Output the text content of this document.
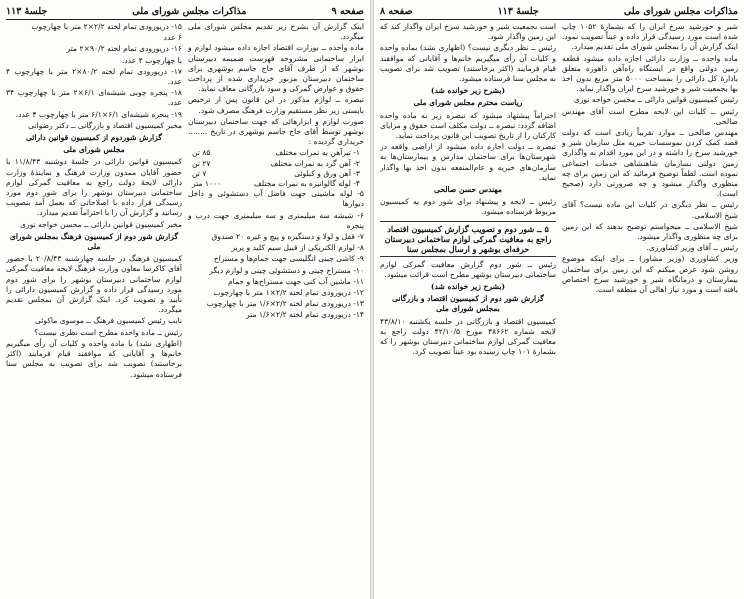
صفحه ۹
مذاکرات مجلس شورای ملی
جلسهٔ ۱۱۳

اینک گزارش آن بشرح زیر تقدیم مجلس شورای ملی میگردد.

ماده واحده ــ بوزارت اقتصاد اجازه داده میشود لوازم و ابزار ساختمانی مشروحه فهرست ضمیمه دبیرستان بوشهر که از طرف آقای حاج جاسم بوشهری برای ساختمان دبیرستان مزبور خریداری شده از پرداخت حقوق و عوارض گمرکی و سود بازرگانی معاف نماید.

تبصره ــ لوازم مذکور در این قانون پس از ترخیص بایستی زیر نظر مستقیم وزارت فرهنگ مصرف شود.

صورت لوازم و ابزارهائی که جهت ساختمان دبیرستان بوشهر توسط آقای حاج جاسم بوشهری در تاریخ ........ خریداری گردیده :

۱- تیرآهن به نمرات مختلف
۸۵ تن
۲- آهن گرد به نمرات مختلف
۲۷ تن
۳- آهن ورق و کبلوئی
۷ تن
۴- لوله گالوانیزه به نمرات مختلف
۱۰۰۰ متر

۵- لوله ماشینی جهت فاضل آب دستشوئی و داخل دیوارها

۶- شیشه سه میلیمتری و سه میلیمتری جهت درب و پنجره

۷- قفل و لولا و دستگیره و پیچ و غیره ۲۰ صندوق

۸- لوازم الکتریکی از قبیل سیم کلید و پریز

۹- کاشی چینی انگلیسی جهت حمام‌ها و مستراح

۱۰- مستراح چینی و دستشوئی چینی و لوازم دیگر

۱۱- ماشین آب کنی جهت مستراح‌ها و حمام

۱۲- دریورودی تمام لخته ۲/۲×۱ متر با چهارچوب

۱۳- دریورودی تمام لخته ۲/۲×۱/۶ متر با چهارچوب

۱۴- دریورودی تمام لخته ۲/۲×۱/۶ متر

۱۵- دریورودی تمام لخته ۲/۲×۲ متر با چهارچوب

۶ عدد

۱۶- دریورودی تمام لخته ۹۰/۲×۲ متر

با چهارچوب ۴ عدد.

۱۷- دریورودی تمام لخته ۸۰/۲×۲ متر با چهارچوب ۴ عدد.

۱۸- پنجره چوبی شیشه‌ای ۶/۱×۲ متر با چهارچوب ۳۴ عدد.

۱۹- پنجره شیشه‌ای ۶/۱×۶/۱ متر با چهارچوب ۴ عدد.

مخبر کمیسیون اقتصاد و بازرگانی ــ دکتر رضوانی

گزارش شوردوم از کمیسیون قوانین دارائی
مجلس شورای ملی

کمیسیون قوانین دارائی در جلسهٔ دوشنبه ۱۱/۸/۴۳ با حضور آقایان ممدون وزارت فرهنگ و نمایندهٔ وزارت دارائی لایحهٔ دولت راجع به معافیت گمرکی لوازم ساختمانی دبیرستان بوشهر را برای شور دوم مورد رسیدگی قرار داده با اصلاحاتی که بعمل آمد بتصویب رسانید و گزارش آن را با احتراماً تقدیم میدارد.

مخبر کمیسیون قوانین دارائی ــ محسن خواجه نوری

گزارش شور دوم از کمیسیون فرهنگ بمجلس شورای ملی

کمیسیون فرهنگ در جلسه چهارشنبه ۲۰/۸/۴۳ با حضور آقای کاکرسا معاون وزارت فرهنگ لایحه معافیت گمرکی لوازم ساختمانی دبیرستان بوشهر را برای شور دوم مورد رسیدگی قرار داده و گزارش کمیسیون دارائی را تأیید و تصویب کرد. اینک گزارش آن بمجلس تقدیم میگردد.

نایب رئیس کمیسیون فرهنگ ــ موسوی ماکوئی

رئیس ــ ماده واحده مطرح است نظری نیست؟

(اظهاری نشد) با ماده واحده و کلیات آن رأی میگیریم خانم‌ها و آقایانی که موافقند قیام فرمایند (اکثر برخاستند) تصویب شد برای تصویب به مجلس سنا فرستاده میشود.

مذاکرات مجلس شورای ملی
جلسهٔ ۱۱۳
صفحه ۸

شیر و خورشید سرخ ایران را که بشمارهٔ ۱۰۵۲ چاپ شده است مورد رسیدگی قرار داده و عیناً تصویب نمود. اینک گزارش آن را بمجلس شورای ملی تقدیم میدارد.

ماده واحده ــ وزارت دارائی اجازه داده میشود قطعه زمین دولتی واقع در ایستگاه راه‌آهن ذاهوزه متعلق بادارهٔ کل دارائی را بمساحت ۵۰۰۰ متر مربع بدون اخذ بها بجمعیت شیر و خورشید سرخ ایران واگذار نماید.

رئیس کمیسیون قوانین دارائی ــ محسن خواجه نوری

رئیس ــ کلیات این لایحه مطرح است آقای مهندس صالحی.

مهندس صالحی ــ موارد تقریباً زیادی است که دولت قصد کمک کردن بموسسات خیریه مثل سازمان شیر و خورشید سرخ را داشته و در این مورد اقدام به واگذاری زمین دولتی بسازمان شاهنشاهی خدمات اجتماعی نموده است. لطفاً توضیح فرمائید که این زمین برای چه منظوری واگذار میشود و چه ضرورتی دارد (صحیح است).

رئیس ــ نظر دیگری در کلیات این ماده نیست؟ آقای شیخ الاسلامی.

شیخ الاسلامی ــ میخواستم توضیح بدهند که این زمین برای چه منظوری واگذار میشود.

رئیس ــ آقای وزیر کشاورزی.

وزیر کشاورزی (وزیر مشاور) ــ برای اینکه موضوع روشن شود عرض میکنم که این زمین برای ساختمان بیمارستان و درمانگاه شیر و خورشید سرخ اختصاص یافته است و مورد نیاز اهالی آن منطقه است.

است بجمعیت شیر و خورشید سرخ ایران واگذار کند که این زمین واگذار شود.

رئیس ــ نظر دیگری نیست؟ (اظهاری نشد) بماده واحده و کلیات آن رأی میگیریم خانم‌ها و آقایانی که موافقند قیام فرمایند (اکثر برخاستند) تصویب شد برای تصویب به مجلس سنا فرستاده میشود.

(بشرح زیر خوانده شد)
ریاست محترم مجلس شورای ملی

احتراماً پیشنهاد میشود که تبصره زیر به ماده واحده اضافه گردد: تبصره ــ دولت مکلف است حقوق و مزایای کارکنان را از تاریخ تصویب این قانون پرداخت نماید.

تبصره ــ دولت اجازه داده میشود از اراضی واقعه در شهرستان‌ها برای ساختمان مدارس و بیمارستان‌ها به سازمان‌های خیریه و عام‌المنفعه بدون اخذ بها واگذار نماید.

مهندس حسن صالحی

رئیس ــ لایحه و پیشنهاد برای شور دوم به کمیسیون مربوط فرستاده میشود.

۵ ــ شور دوم و تصویب گزارش کمیسیون اقتصاد راجع به معافیت گمرکی لوازم ساختمانی دبیرستان حرفه‌ای بوشهر و ارسال بمجلس سنا

رئیس ــ شور دوم گزارش معافیت گمرکی لوازم ساختمانی دبیرستان بوشهر مطرح است قرائت میشود.

(بشرح زیر خوانده شد)
گزارش شور دوم از کمیسیون اقتصاد و بازرگانی بمجلس شورای ملی

کمیسیون اقتصاد و بازرگانی در جلسه یکشنبه ۴۳/۸/۱۰ لایحه شماره ۳۸۶۶۲ مورخ ۴۲/۱۰/۵ دولت راجع به معافیت گمرکی لوازم ساختمانی دبیرستان بوشهر را که بشمارهٔ ۱۰۱ چاپ رسیده بود عیناً تصویب کرد.
